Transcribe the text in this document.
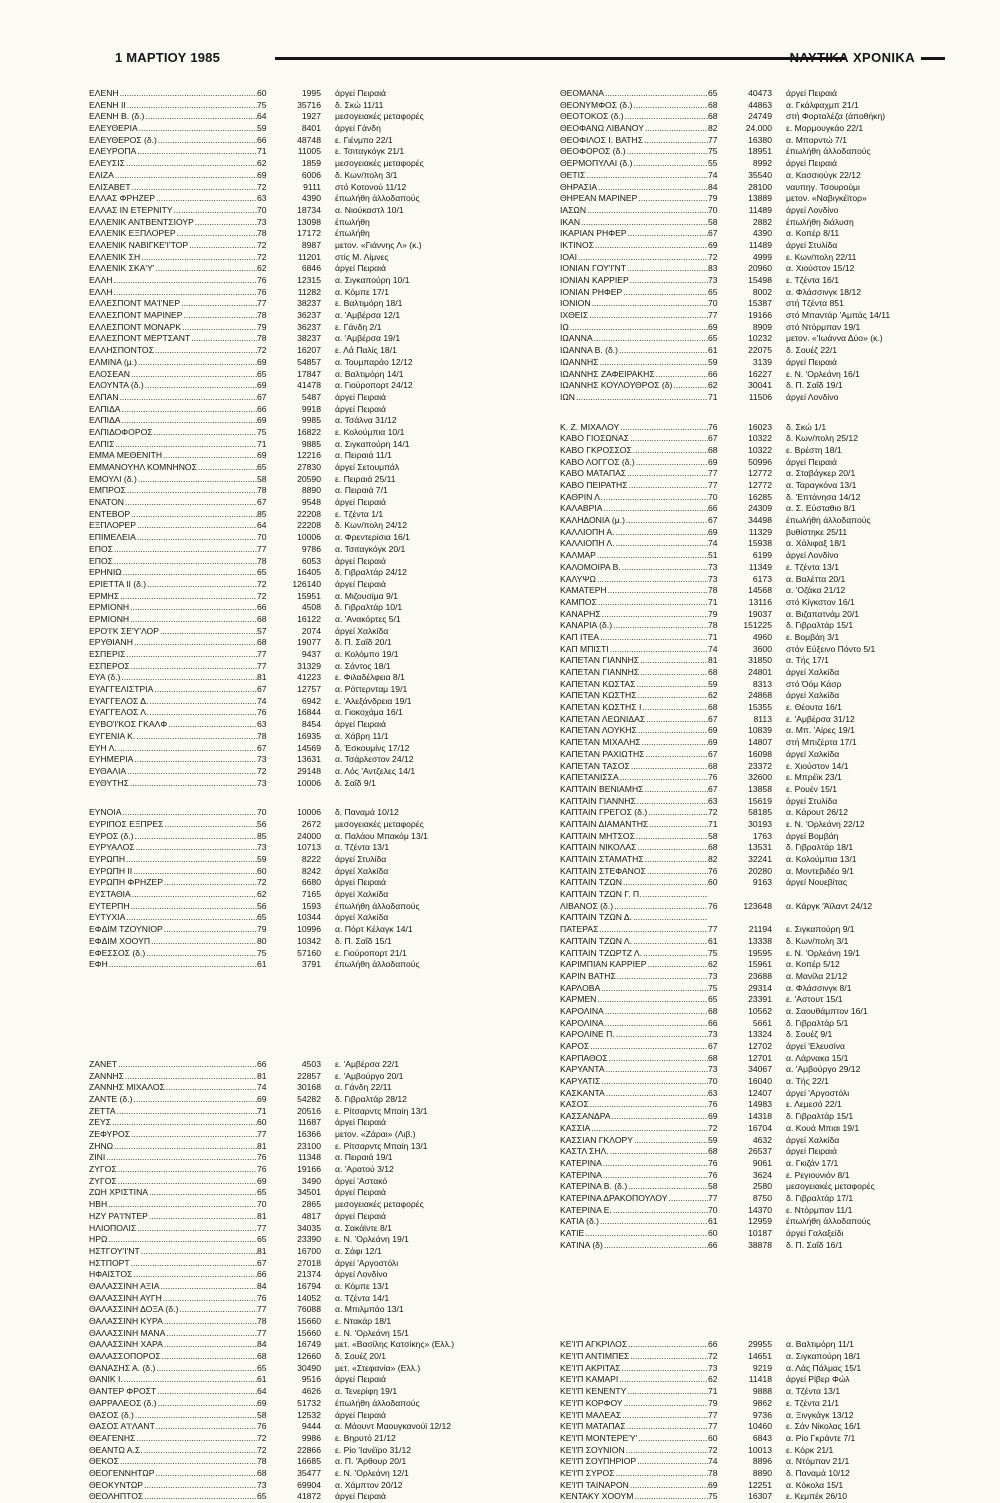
1 ΜΑΡΤΙΟΥ 1985	ΝΑΥΤΙΚΑ ΧΡΟΝΙΚΑ
ΕΛΕΝΗ .....	60	1995 άργεί Πειραιά
ΕΛΕΝΗ ΙΙ .....	75	35716 δ. Σκώ 11/11
ΕΛΕΝΗ Β. (δ.) .....	64	1927 μεσογειακές μεταφορές
ΕΛΕΥΘΕΡΙΑ .....	59	8401 άργεί Γάνδη
ΕΛΕΥΘΕΡΟΣ (δ.) .....	66	48748 ε. Γιένμπο 22/1
ΕΛΕΥΡΟΠΑ .....	71	11005 ε. Τσιταγκόγκ 21/1
ΕΛΕΥΣΙΣ .....	62	1859 μεσογειακές μεταφορές
ΕΛΙΖΑ .....	69	6006 δ. Κων/πολη 3/1
ΕΛΙΣΑΒΕΤ .....	72	9111 στό Κοτονού 11/12
ΕΛΛΑΣ ΦΡΗΖΕΡ .....	63	4390 έπωλήθη άλλοδαπούς
ΕΛΛΑΣ ΙΝ ΕΤΕΡΝΙΤΥ .....	70	18734 α. Νιούκαστλ 10/1
ΕΛΛΕΝΙΚ ΑΝΤΒΕΝΤΣΙΟΥΡ .....	73	13098 έπωλήθη
ΕΛΛΕΝΙΚ ΕΞΠΛΟΡΕΡ .....	78	17172 έπωλήθη
ΕΛΛΕΝΙΚ ΝΑΒΙΓΚΕ'Ι'ΤΟΡ .....	72	8987 μετον. «Γιάννης Λ» (κ.)
ΕΛΛΕΝΙΚ ΣΗ .....	72	11201 στίς Μ. Λίμνες
ΕΛΛΕΝΙΚ ΣΚΑ'Υ' .....	62	6846 άργεί Πειραιά
ΕΛΛΗ .....	76	12315 α. Σιγκαπούρη 10/1
ΕΛΛΗ .....	76	11282 α. Κόμπε 17/1
ΕΛΛΕΣΠΟΝΤ ΜΑ'Ι'ΝΕΡ .....	77	38237 ε. Βαλτιμόρη 18/1
ΕΛΛΕΣΠΟΝΤ ΜΑΡΙΝΕΡ .....	78	36237 α. 'Αμβέρσα 12/1
ΕΛΛΕΣΠΟΝΤ ΜΟΝΑΡΚ .....	79	36237 ε. Γάνδη 2/1
ΕΛΛΕΣΠΟΝΤ ΜΕΡΤΣΑΝΤ .....	78	38237 α. 'Αμβέρσα 19/1
ΕΛΛΗΣΠΟΝΤΟΣ .....	72	16207 ε. Λά Παλίς 18/1
ΕΛΜΙΝΑ (μ.) .....	69	54857 α. Τουμπαράο 12/12
ΕΛΟΣΕΑΝ .....	65	17847 α. Βαλτιμόρη 14/1
ΕΛΟΥΝΤΑ (δ.) .....	69	41478 α. Γιούροπορτ 24/12
ΕΛΠΑΝ .....	67	5487 άργεί Πειραιά
ΕΛΠΙΔΑ .....	66	9918 άργεί Πειραιά
ΕΛΠΙΔΑ .....	69	9985 α. Τσάλνα 31/12
ΕΛΠΙΔΟΦΟΡΟΣ .....	75	16822 ε. Κολούμπια 10/1
ΕΛΠΙΣ .....	71	9885 α. Σιγκαπούρη 14/1
ΕΜΜΑ ΜΕΘΕΝΙΤΗ .....	69	12216 α. Πειραιά 11/1
ΕΜΜΑΝΟΥΗΛ ΚΟΜΝΗΝΟΣ .....	65	27830 άργεί Σετουμπάλ
ΕΜΟΥΛΙ (δ.) .....	58	20590 ε. Πειραιά 25/11
ΕΜΠΡΟΣ .....	78	8890 α. Πειραιά 7/1
ΕΝΑΤΟΝ .....	67	9548 άργεί Πειραιά
ΕΝΤΕΒΟΡ .....	85	22208 ε. Τζέντα 1/1
ΕΞΠΛΟΡΕΡ .....	64	22208 δ. Κων/πολη 24/12
ΕΠΙΜΕΛΕΙΑ .....	70	10006 α. Φρεντερίσια 16/1
ΕΠΟΣ .....	77	9786 α. Τσιταγκόγκ 20/1
ΕΠΟΣ .....	78	6053 άργεί Πειραιά
ΕΡΗΝΙΩ .....	65	16405 δ. Γιβραλτάρ 24/12
ΕΡΙΕΤΤΑ ΙΙ (δ.) .....	72	126140 άργεί Πειραιά
ΕΡΜΗΣ .....	72	15951 α. Μιζουσίμα 9/1
ΕΡΜΙΟΝΗ .....	66	4508 δ. Γιβραλτάρ 10/1
ΕΡΜΙΟΝΗ .....	68	16122 α. 'Ανακόρτες 5/1
ΕΡΟ'Ι'Κ ΣΕ'Υ'ΛΟΡ .....	57	2074 άργεί Χαλκίδα
ΕΡΥΘΙΑΝΗ .....	68	19077 δ. Π. Σαΐδ 20/1
ΕΣΠΕΡΙΣ .....	77	9437 α. Κολόμπο 19/1
ΕΣΠΕΡΟΣ .....	77	31329 α. Σάντος 18/1
ΕΥΑ (δ.) .....	81	41223 ε. Φιλαδέλφεια 8/1
ΕΥΑΓΓΕΛΙΣΤΡΙΑ .....	67	12757 α. Ρόττερνταμ 19/1
ΕΥΑΓΓΕΛΟΣ Δ. .....	74	6942 ε. 'Αλεξάνδρεια 19/1
ΕΥΑΓΓΕΛΟΣ Λ. .....	76	16844 α. Γιοκοχάμα 16/1
ΕΥΒΟ'Ι'ΚΟΣ ΓΚΑΛΦ .....	63	8454 άργεί Πειραιά
ΕΥΓΕΝΙΑ Κ. .....	78	16935 α. Χάβρη 11/1
ΕΥΗ Λ. .....	67	14569 δ. Έσκουμίνς 17/12
ΕΥΗΜΕΡΙΑ .....	73	13631 α. Τσάρλεστον 24/12
ΕΥΘΑΛΙΑ .....	72	29148 α. Λός 'Αντζελες 14/1
ΕΥΘΥΤΗΣ .....	73	10006 δ. Σαΐδ 9/1
ΕΥΝΟΙΑ .....	70	10006 δ. Παναμά 10/12
ΕΥΡΙΠΟΣ ΕΞΠΡΕΣ .....	56	2672 μεσογειακές μεταφορές
ΕΥΡΟΣ (δ.) .....	85	24000 α. Παλάου Μπακόμ 13/1
ΕΥΡΥΑΛΟΣ .....	73	10713 α. Τζέντα 13/1
ΕΥΡΩΠΗ .....	59	8222 άργεί Στυλίδα
ΕΥΡΩΠΗ ΙΙ .....	60	8242 άργεί Χαλκίδα
ΕΥΡΩΠΗ ΦΡΗΖΕΡ .....	72	6680 άργεί Πειραιά
ΕΥΣΤΑΘΙΑ .....	62	7165 άργεί Χαλκίδα
ΕΥΤΕΡΠΗ .....	56	1593 έπωλήθη άλλοδαπούς
ΕΥΤΥΧΙΑ .....	65	10344 άργεί Χαλκίδα
ΕΦΔΙΜ ΤΖΟΥΝΙΟΡ .....	79	10996 α. Πόρτ Κέλαγκ 14/1
ΕΦΔΙΜ ΧΟΟΥΠ .....	80	10342 δ. Π. Σαΐδ 15/1
ΕΦΕΣΣΟΣ (δ.) .....	75	57160 ε. Γιούροπορτ 21/1
ΕΦΗ .....	61	3791 έπωλήθη άλλοδαπούς
ΖΑΝΕΤ .....	66	4503 ε. 'Αμβέρσα 22/1
ΖΑΝΝΗΣ .....	81	22857 ε. 'Αμβούργο 20/1
ΖΑΝΝΗΣ ΜΙΧΑΛΟΣ .....	74	30168 α. Γάνδη 22/11
ΖΑΝΤΕ (δ.) .....	69	54282 δ. Γιβραλτάρ 28/12
ΖΕΤΤΑ .....	71	20516 ε. Ρίτσαρντς Μπαίη 13/1
ΖΕΥΣ .....	60	11687 άργεί Πειραιά
ΖΕΦΥΡΟΣ .....	77	16366 μετον. «Ζάραι» (Λιβ.)
ΖΗΝΩ .....	81	23100 ε. Ρίτσαρντς Μπαίη 13/1
ΖΙΝΙ .....	76	11348 α. Πειραιά 19/1
ΖΥΓΟΣ .....	76	19166 α. 'Αρατού 3/12
ΖΥΓΟΣ .....	69	3490 άργεί 'Αστακό
ΖΩΗ ΧΡΙΣΤΙΝΑ .....	65	34501 άργεί Πειραιά
ΗΒΗ .....	70	2865 μεσογειακές μεταφορές
ΗΖΥ ΡΑ'Ι'ΝΤΕΡ .....	81	4817 άργεί Πειραιά
ΗΛΙΟΠΟΛΙΣ .....	77	34035 α. Σακάϊντε 8/1
ΗΡΩ .....	65	23390 ε. Ν. 'Ορλεάνη 19/1
ΗΣΤΓΟΥ'Ι'ΝΤ .....	81	16700 α. Σάφι 12/1
ΗΣΤΠΟΡΤ .....	67	27018 άργεί 'Αργοστόλι
ΗΦΑΙΣΤΟΣ .....	66	21374 άργεί Λονδίνο
ΘΑΛΑΣΣΙΝΗ ΑΞΙΑ .....	84	16794 α. Κόμπε 13/1
ΘΑΛΑΣΣΙΝΗ ΑΥΓΗ .....	76	14052 α. Τζέντα 14/1
ΘΑΛΑΣΣΙΝΗ ΔΟΞΑ (δ.) .....	77	76088 α. Μπιλμπάο 13/1
ΘΑΛΑΣΣΙΝΗ ΚΥΡΑ .....	78	15660 ε. Ντακάρ 18/1
ΘΑΛΑΣΣΙΝΗ ΜΑΝΑ .....	77	15660 ε. Ν. 'Ορλεάνη 15/1
ΘΑΛΑΣΣΙΝΗ ΧΑΡΑ .....	84	16749 μετ. «Βασίλης Κατσίκης» (Ελλ.)
ΘΑΛΑΣΣΟΠΟΡΟΣ .....	68	12660 δ. Σουέζ 20/1
ΘΑΝΑΣΗΣ Α. (δ.) .....	65	30490 μετ. «Στεφανία» (Ελλ.)
ΘΑΝΙΚ Ι. .....	61	9516 άργεί Πειραιά
ΘΑΝΤΕΡ ΦΡΟΣΤ .....	64	4626 α. Τενερίφη 19/1
ΘΑΡΡΑΛΕΟΣ (δ.) .....	69	51732 έπωλήθη άλλοδαπούς
ΘΑΣΟΣ (δ.) .....	58	12532 άργεί Πειραιά
ΘΑΣΟΣ Α'Ι'ΛΑΝΤ .....	76	9444 α. Μάουντ Μαουγκανούϊ 12/12
ΘΕΑΓΕΝΗΣ .....	72	9986 ε. Βηρυτό 21/12
ΘΕΑΝΤΩ Α.Σ. .....	72	22866 ε. Ρίο 'Ιανέϊρο 31/12
ΘΕΚΟΣ .....	78	16685 α. Π. 'Άρθουρ 20/1
ΘΕΟΓΕΝΝΗΤΩΡ .....	68	35477 ε. Ν. 'Ορλεάνη 12/1
ΘΕΟΚΥΝΤΩΡ .....	73	69904 α. Χάμπτον 20/12
ΘΕΟΛΗΠΤΟΣ .....	65	41872 άργεί Πειραιά
ΘΕΟΜΑΝΑ .....	65	40473 άργεί Πειραιά
ΘΕΟΝΥΜΦΟΣ (δ.) .....	68	44863 α. Γκάλφαχμπ 21/1
ΘΕΟΤΟΚΟΣ (δ.) .....	68	24749 στή Φορταλέζα (άποθήκη)
ΘΕΟΦΑΝΩ ΛΙΒΑΝΟΥ .....	82	24.000 ε. Μορμουγκάο 22/1
ΘΕΟΦΙΛΟΣ Ι. ΒΑΤΗΣ .....	77	16380 α. Μπορντώ 7/1
ΘΕΟΦΟΡΟΣ (δ.) .....	75	18951 έπωλήθη άλλοδαπούς
ΘΕΡΜΟΠΥΛΑΙ (δ.) .....	55	8992 άργεί Πειραιά
ΘΕΤΙΣ .....	74	35540 α. Κασσιούγκ 22/12
ΘΗΡΑΣΙΑ .....	84	28100 ναυπηγ. Τσουρούμι
ΘΗΡΕΑΝ ΜΑΡΙΝΕΡ .....	79	13889 μετον. «Ναβιγκέϊτορ»
ΙΑΣΩΝ .....	70	11489 άργεί Λονδίνο
ΙΚΑΝ .....	58	2882 έπωλήθη διάλυση
ΙΚΑΡΙΑΝ ΡΗΦΕΡ .....	67	4390 α. Κοπέρ 8/11
ΙΚΤΙΝΟΣ .....	69	11489 άργεί Στυλίδα
ΙΟΑΙ .....	72	4999 ε. Κων/πολη 22/11
ΙΟΝΙΑΝ ΓΟΥ'Ι'ΝΤ .....	83	20960 α. Χιούστον 15/12
ΙΟΝΙΑΝ ΚΑΡΡΙΕΡ .....	73	15498 ε. Τζέντα 16/1
ΙΟΝΙΑΝ ΡΗΦΕΡ .....	65	8002 α. Φλάσσινγκ 18/12
ΙΟΝΙΟΝ .....	70	15387 στή Τζέντα 851
ΙΧΘΕΙΣ .....	77	19166 στό Μπαντάρ 'Αμπάς 14/11
ΙΩ .....	69	8909 στό Ντόρμπαν 19/1
ΙΩΑΝΝΑ .....	65	10232 μετον. «'Ιωάννα Δύο» (κ.)
ΙΩΑΝΝΑ Β. (δ.) .....	61	22075 δ. Σουέζ 22/1
ΙΩΑΝΝΗΣ .....	59	3139 άργεί Πειραιά
ΙΩΑΝΝΗΣ ΖΑΦΕΙΡΑΚΗΣ .....	66	16227 ε. Ν. 'Ορλεάνη 16/1
ΙΩΑΝΝΗΣ ΚΟΥΛΟΥΘΡΟΣ (δ) .....	62	30041 δ. Π. Σαΐδ 19/1
ΙΩΝ .....	71	11506 άργεί Λονδίνο
Κ. Ζ. ΜΙΧΑΛΟΥ .....	76	16023 δ. Σκώ 1/1
ΚΑΒΟ ΓΙΟΣΩΝΑΣ .....	67	10322 δ. Κων/πολη 25/12
ΚΑΒΟ ΓΚΡΟΣΣΟΣ .....	68	10322 ε. Βρέστη 18/1
ΚΑΒΟ ΛΟΓΓΟΣ (δ.) .....	69	50996 άργεί Πειραιά
ΚΑΒΟ ΜΑΤΑΠΑΣ .....	77	12772 α. Σταβάγκερ 20/1
ΚΑΒΟ ΠΕΙΡΑΤΗΣ .....	77	12772 α. Ταραγκόνα 13/1
ΚΑΘΡΙΝ Λ. .....	70	16285 δ. 'Επτάνησα 14/12
ΚΑΛΑΒΡΙΑ .....	66	24309 α. Σ. Εύσταθιο 8/1
ΚΑΛΗΔΟΝΙΑ (μ.) .....	67	34498 έπωλήθη άλλοδαπούς
ΚΑΛΛΙΟΠΗ Α. .....	69	11329 βυθίστηκε 25/11
ΚΑΛΛΙΟΠΗ Λ. .....	74	15938 α. Χάλιφαξ 18/1
ΚΑΛΜΑΡ .....	51	6199 άργεί Λονδίνο
ΚΑΛΟΜΟΙΡΑ Β. .....	73	11349 ε. Τζέντα 13/1
ΚΑΛΥΨΩ .....	73	6173 α. Βαλέττα 20/1
ΚΑΜΑΤΕΡΗ .....	78	14568 α. 'Οζάκα 21/12
ΚΑΜΠΟΣ .....	71	13116 στό Κίγκστον 16/1
ΚΑΝΑΡΗΣ .....	79	19037 α. Βιζαπατνάμ 20/1
ΚΑΝΑΡΙΑ (δ.) .....	78	151225 δ. Γιβραλτάρ 15/1
ΚΑΠ ΙΤΕΑ .....	71	4960 ε. Βομβάη 3/1
ΚΑΠ ΜΠΙΣΤΙ .....	74	3600 στόν Εύξεινο Πόντο 5/1
ΚΑΠΕΤΑΝ ΓΙΑΝΝΗΣ .....	81	31850 α. Τής 17/1
ΚΑΠΕΤΑΝ ΓΙΑΝΝΗΣ .....	68	24801 άργεί Χαλκίδα
ΚΑΠΕΤΑΝ ΚΩΣΤΑΣ .....	59	8313 στό Όόμ Κάσρ
ΚΑΠΕΤΑΝ ΚΩΣΤΗΣ .....	62	24868 άργεί Χαλκίδα
ΚΑΠΕΤΑΝ ΚΩΣΤΗΣ Ι .....	68	15355 ε. Θέουτα 16/1
ΚΑΠΕΤΑΝ ΛΕΩΝΙΔΑΣ .....	67	8113 ε. 'Αμβέρσα 31/12
ΚΑΠΕΤΑΝ ΛΟΥΚΗΣ .....	69	10839 α. Μπ. 'Αίρες 19/1
ΚΑΠΕΤΑΝ ΜΙΧΑΛΗΣ .....	69	14807 στή Μπιζέρτα 17/1
ΚΑΠΕΤΑΝ ΡΑΧΙΩΤΗΣ .....	67	16098 άργεί Χαλκίδα
ΚΑΠΕΤΑΝ ΤΑΣΟΣ .....	68	23372 ε. Χιούστον 14/1
ΚΑΠΕΤΑΝΙΣΣΑ .....	76	32600 ε. Μπρέϊκ 23/1
ΚΑΠΤΑΙΝ ΒΕΝΙΑΜΗΣ .....	67	13858 ε. Ρουέν 15/1
ΚΑΠΤΑΙΝ ΓΙΑΝΝΗΣ .....	63	15619 άργεί Στυλίδα
ΚΑΠΤΑΙΝ ΓΡΕΓΟΣ (δ.) .....	72	58185 α. Κάρουτ 26/12
ΚΑΠΤΑΙΝ ΔΙΑΜΑΝΤΗΣ .....	71	30193 ε. Ν. 'Ορλεάνη 22/12
ΚΑΠΤΑΙΝ ΜΗΤΣΟΣ .....	58	1763 άργεί Βομβάη
ΚΑΠΤΑΙΝ ΝΙΚΟΛΑΣ .....	68	13531 δ. Γιβραλτάρ 18/1
ΚΑΠΤΑΙΝ ΣΤΑΜΑΤΗΣ .....	82	32241 α. Κολούμπια 13/1
ΚΑΠΤΑΙΝ ΣΤΕΦΑΝΟΣ .....	76	20280 α. Μοντεβιδέο 9/1
ΚΑΠΤΑΙΝ ΤΖΩΝ .....	60	9163 άργεί Νουεβίτας
ΚΑΠΤΑΙΝ ΤΖΩΝ Γ. Π. .....
ΛΙΒΑΝΟΣ (δ.) .....	76	123648 α. Κάργκ 'Άϊλαντ 24/12
ΚΑΠΤΑΙΝ ΤΖΩΝ Δ. .....
ΠΑΤΕΡΑΣ .....	77	21194 ε. Σιγκαπούρη 9/1
ΚΑΠΤΑΙΝ ΤΖΩΝ Λ. .....	61	13338 δ. Κων/πολη 3/1
ΚΑΠΤΑΙΝ ΤΖΩΡΤΖ Λ. .....	75	19595 ε. Ν. 'Ορλεάνη 19/1
ΚΑΡΙΜΠΙΑΝ ΚΑΡΡΙΕΡ .....	62	15961 α. Κοπέρ 5/12
ΚΑΡΙΝ ΒΑΤΗΣ .....	73	23688 α. Μανίλα 21/12
ΚΑΡΛΟΒΑ .....	75	29314 α. Φλάσσινγκ 8/1
ΚΑΡΜΕΝ .....	65	23391 ε. 'Αστουτ 15/1
ΚΑΡΟΛΙΝΑ .....	68	10562 α. Σαουθάμπτον 16/1
ΚΑΡΟΛΙΝΑ .....	66	5661 δ. Γιβραλτάρ 5/1
ΚΑΡΟΛΙΝΕ Π. .....	73	13324 δ. Σουέζ 9/1
ΚΑΡΟΣ .....	67	12702 άργεί 'Ελευσίνα
ΚΑΡΠΑΘΟΣ .....	68	12701 α. Λάρνακα 15/1
ΚΑΡΥΑΝΤΑ .....	73	34067 α. 'Αμβούργο 29/12
ΚΑΡΥΑΤΙΣ .....	70	16040 α. Τής 22/1
ΚΑΣΚΑΝΤΑ .....	63	12407 άργεί 'Αργοστόλι
ΚΑΣΟΣ .....	76	14983 ε. Λεμεσό 22/1
ΚΑΣΣΑΝΔΡΑ .....	69	14318 δ. Γιβραλτάρ 15/1
ΚΑΣΣΙΑ .....	72	16704 α. Κουά Μπιαι 19/1
ΚΑΣΣΙΑΝ ΓΚΛΟΡΥ .....	59	4632 άργεί Χαλκίδα
ΚΑΣΤΛ ΣΗΛ. .....	68	26537 άργεί Πειραιά
ΚΑΤΕΡΙΝΑ .....	76	9061 α. Γκιζάν 17/1
ΚΑΤΕΡΙΝΑ .....	76	3624 ε. Ρεγιουνιόν 8/1
ΚΑΤΕΡΙΝΑ Β. (δ.) .....	58	2580 μεσογειακές μεταφορές
ΚΑΤΕΡΙΝΑ ΔΡΑΚΟΠΟΥΛΟΥ .....	77	8750 δ. Γιβραλτάρ 17/1
ΚΑΤΕΡΙΝΑ Ε. .....	70	14370 ε. Ντόρμπαν 11/1
ΚΑΤΙΑ (δ.) .....	61	12959 έπωλήθη άλλοδαπούς
ΚΑΤΙΕ .....	60	10187 άργεί Γαλαξείδι
ΚΑΤΙΝΑ (δ) .....	66	38878 δ. Π. Σαΐδ 16/1
ΚΕ'Ι'Π ΑΓΚΡΙΛΟΣ .....	66	29955 α. Βαλτιμόρη 11/1
ΚΕ'Ι'Π ΑΝΤΙΜΠΕΣ .....	72	14651 α. Σιγκαπούρη 18/1
ΚΕ'Ι'Π ΑΚΡΙΤΑΣ .....	73	9219 α. Λάς Πάλμας 15/1
ΚΕ'Ι'Π ΚΑΜΑΡΙ .....	62	11418 άργεί Ρίβερ Φώλ
ΚΕ'Ι'Π ΚΕΝΕΝΤΥ .....	71	9888 α. Τζέντα 13/1
ΚΕ'Ι'Π ΚΟΡΦΟΥ .....	79	9862 ε. Τζέντα 21/1
ΚΕ'Ι'Π ΜΑΛΕΑΣ .....	77	9736 α. Ξινγκάγκ 13/12
ΚΕ'Ι'Π ΜΑΤΑΠΑΣ .....	77	10460 ε. Σάν Νίκολας 16/1
ΚΕ'Ι'Π ΜΟΝΤΕΡΕ'Υ' .....	60	6843 α. Ρίο Γκράντε 7/1
ΚΕ'Ι'Π ΣΟΥΝΙΟΝ .....	72	10013 ε. Κόρκ 21/1
ΚΕ'Ι'Π ΣΟΥΠΗΡΙΟΡ .....	74	8896 α. Ντόμπαν 21/1
ΚΕ'Ι'Π ΣΥΡΟΣ .....	78	8890 δ. Παναμά 10/12
ΚΕ'Ι'Π ΤΑΙΝΑΡΟΝ .....	69	12251 α. Κόκολα 15/1
ΚΕΝΤΑΚΥ ΧΟΟΥΜ .....	75	16307 ε. Κεμπέκ 26/10
